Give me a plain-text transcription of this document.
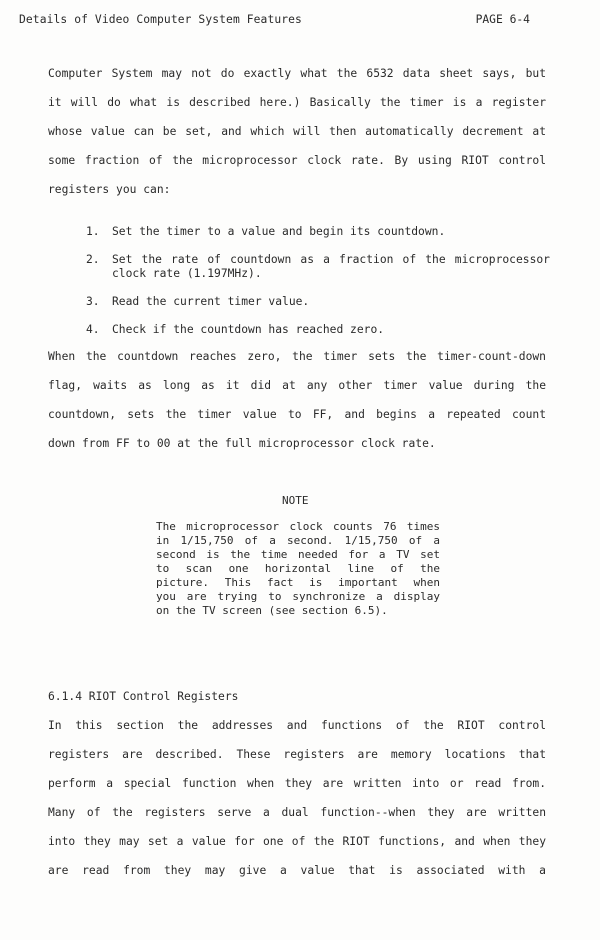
Details of Video Computer System Features	PAGE 6-4
Computer System may not do exactly what the 6532 data sheet says, but
it will do what is described here.) Basically the timer is a register
whose value can be set, and which will then automatically decrement at
some fraction of the microprocessor clock rate. By using RIOT control
registers you can:
1.	Set the timer to a value and begin its countdown.
2.	Set the rate of countdown as a fraction of the microprocessor clock rate (1.197MHz).
3.	Read the current timer value.
4.	Check if the countdown has reached zero.
When the countdown reaches zero, the timer sets the timer-count-down
flag, waits as long as it did at any other timer value during the
countdown, sets the timer value to FF, and begins a repeated count
down from FF to 00 at the full microprocessor clock rate.
NOTE
The microprocessor clock counts 76 times
in 1/15,750 of a second. 1/15,750 of a
second is the time needed for a TV set
to scan one horizontal line of the
picture. This fact is important when
you are trying to synchronize a display
on the TV screen (see section 6.5).
6.1.4 RIOT Control Registers
In this section the addresses and functions of the RIOT control
registers are described. These registers are memory locations that
perform a special function when they are written into or read from.
Many of the registers serve a dual function--when they are written
into they may set a value for one of the RIOT functions, and when they
are read from they may give a value that is associated with a
